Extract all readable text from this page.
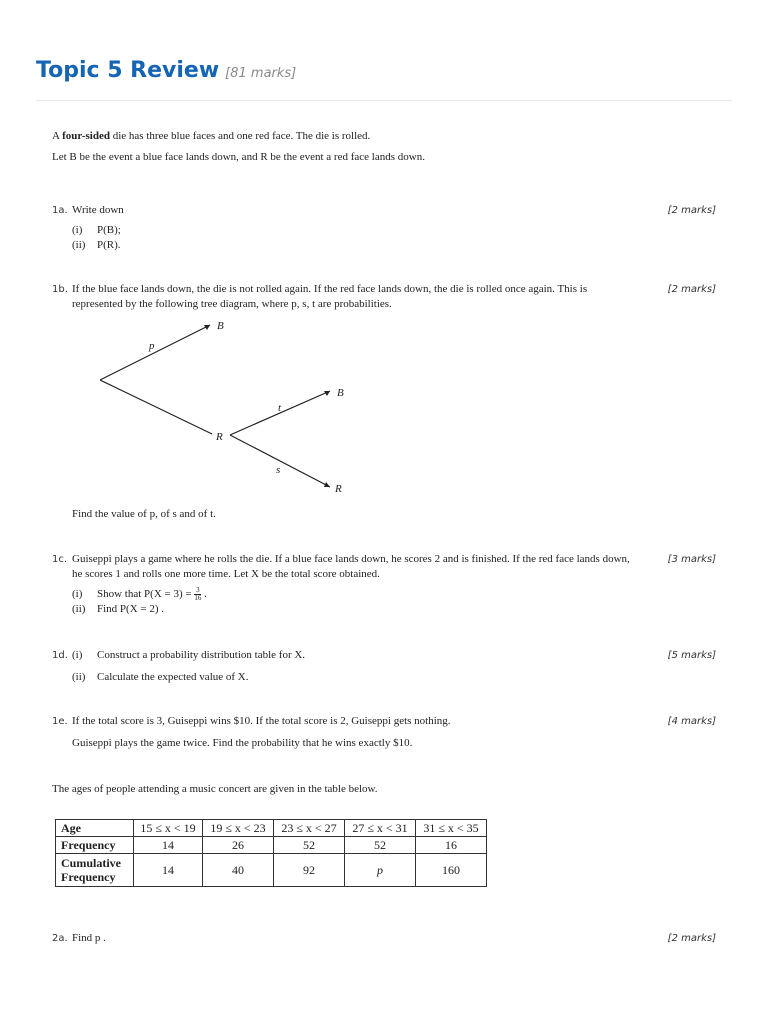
Topic 5 Review [81 marks]
A four-sided die has three blue faces and one red face. The die is rolled.
Let B be the event a blue face lands down, and R be the event a red face lands down.
1a. Write down	[2 marks]
(i) P(B);
(ii) P(R).
1b. If the blue face lands down, the die is not rolled again. If the red face lands down, the die is rolled once again. This is	[2 marks]
represented by the following tree diagram, where p, s, t are probabilities.
B
p
R
t
B
s
R
Find the value of p, of s and of t.
1c. Guiseppi plays a game where he rolls the die. If a blue face lands down, he scores 2 and is finished. If the red face lands down,	[3 marks]
he scores 1 and rolls one more time. Let X be the total score obtained.
(i) Show that $P(X = 3) = \frac{3}{16}$ .
(ii) Find P(X = 2) .
1d. (i) Construct a probability distribution table for X.	[5 marks]
(ii) Calculate the expected value of X.
1e. If the total score is 3, Guiseppi wins $10. If the total score is 2, Guiseppi gets nothing.	[4 marks]
Guiseppi plays the game twice. Find the probability that he wins exactly $10.
The ages of people attending a music concert are given in the table below.
Age	15 ≤ x < 19	19 ≤ x < 23	23 ≤ x < 27	27 ≤ x < 31	31 ≤ x < 35
Frequency	14	26	52	52	16
Cumulative
Frequency	14	40	92	p	160
2a. Find p .	[2 marks]
